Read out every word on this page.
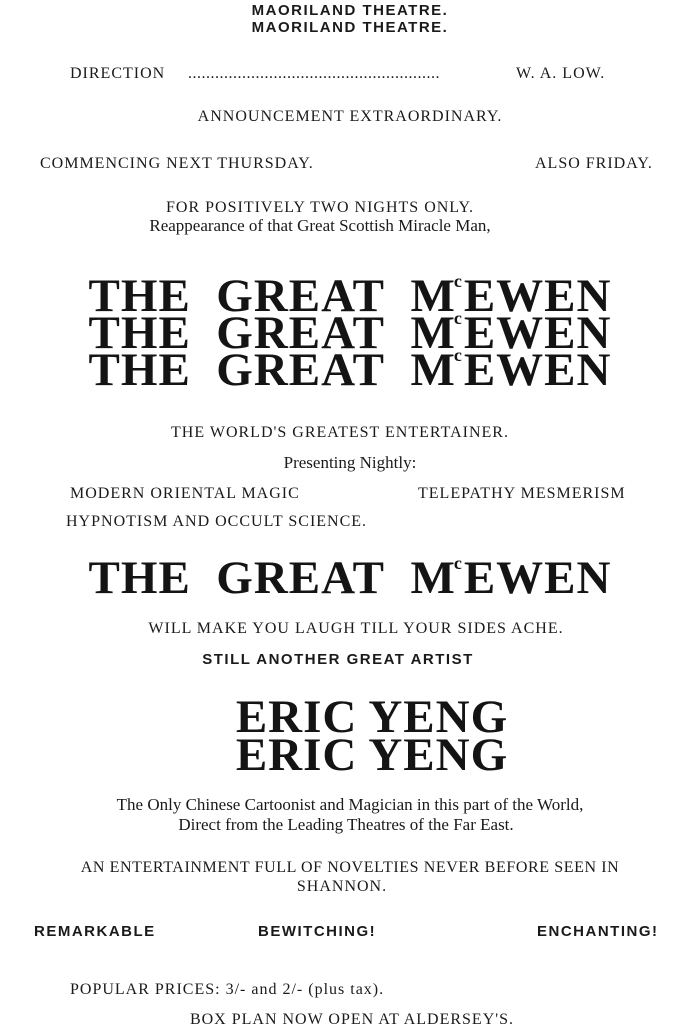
MAORILAND THEATRE.
MAORILAND THEATRE.
DIRECTION ........................................................	W. A. LOW.
ANNOUNCEMENT EXTRAORDINARY.
COMMENCING NEXT THURSDAY.	ALSO FRIDAY.
FOR POSITIVELY TWO NIGHTS ONLY.
Reappearance of that Great Scottish Miracle Man,
THE GREAT McEWEN
THE GREAT McEWEN
THE GREAT McEWEN
THE WORLD'S GREATEST ENTERTAINER.
Presenting Nightly:
MODERN ORIENTAL MAGIC	TELEPATHY MESMERISM
HYPNOTISM AND OCCULT SCIENCE.
THE GREAT McEWEN
WILL MAKE YOU LAUGH TILL YOUR SIDES ACHE.
STILL ANOTHER GREAT ARTIST
ERIC YENG
ERIC YENG
The Only Chinese Cartoonist and Magician in this part of the World,
Direct from the Leading Theatres of the Far East.
AN ENTERTAINMENT FULL OF NOVELTIES NEVER BEFORE SEEN IN
SHANNON.
REMARKABLE	BEWITCHING!	ENCHANTING!
POPULAR PRICES: 3/- and 2/- (plus tax).
BOX PLAN NOW OPEN AT ALDERSEY'S.
